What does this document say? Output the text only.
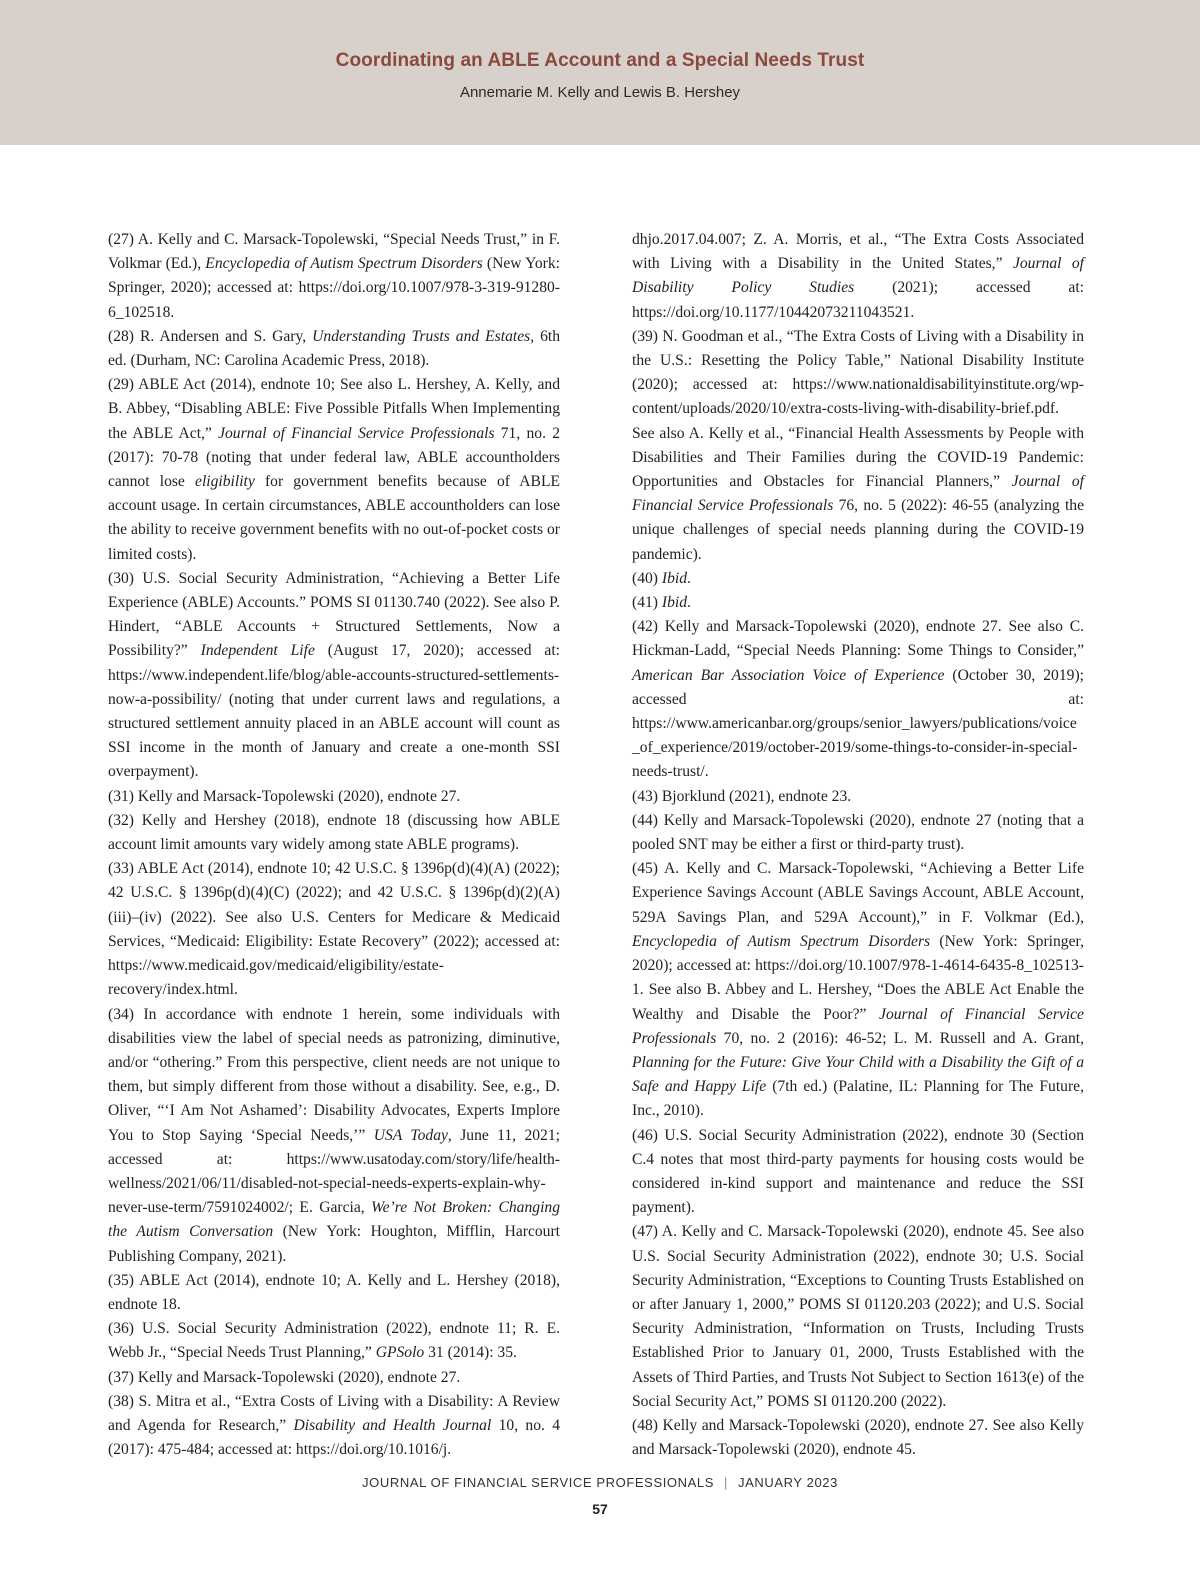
Coordinating an ABLE Account and a Special Needs Trust
Annemarie M. Kelly and Lewis B. Hershey

(27) A. Kelly and C. Marsack-Topolewski, “Special Needs Trust,” in F. Volkmar (Ed.), Encyclopedia of Autism Spectrum Disorders (New York: Springer, 2020); accessed at: https://doi.org/10.1007/978-3-319-91280-6_102518.

(28) R. Andersen and S. Gary, Understanding Trusts and Estates, 6th ed. (Durham, NC: Carolina Academic Press, 2018).

(29) ABLE Act (2014), endnote 10; See also L. Hershey, A. Kelly, and B. Abbey, “Disabling ABLE: Five Possible Pitfalls When Implementing the ABLE Act,” Journal of Financial Service Professionals 71, no. 2 (2017): 70-78 (noting that under federal law, ABLE accountholders cannot lose eligibility for government benefits because of ABLE account usage. In certain circumstances, ABLE accountholders can lose the ability to receive government benefits with no out-of-pocket costs or limited costs).

(30) U.S. Social Security Administration, “Achieving a Better Life Experience (ABLE) Accounts.” POMS SI 01130.740 (2022). See also P. Hindert, “ABLE Accounts + Structured Settlements, Now a Possibility?” Independent Life (August 17, 2020); accessed at: https://www.independent.life/blog/able-accounts-structured-settlements-now-a-possibility/ (noting that under current laws and regulations, a structured settlement annuity placed in an ABLE account will count as SSI income in the month of January and create a one-month SSI overpayment).

(31) Kelly and Marsack-Topolewski (2020), endnote 27.

(32) Kelly and Hershey (2018), endnote 18 (discussing how ABLE account limit amounts vary widely among state ABLE programs).

(33) ABLE Act (2014), endnote 10; 42 U.S.C. § 1396p(d)(4)(A) (2022); 42 U.S.C. § 1396p(d)(4)(C) (2022); and 42 U.S.C. § 1396p(d)(2)(A)(iii)–(iv) (2022). See also U.S. Centers for Medicare & Medicaid Services, “Medicaid: Eligibility: Estate Recovery” (2022); accessed at: https://www.medicaid.gov/medicaid/eligibility/estate-recovery/index.html.

(34) In accordance with endnote 1 herein, some individuals with disabilities view the label of special needs as patronizing, diminutive, and/or “othering.” From this perspective, client needs are not unique to them, but simply different from those without a disability. See, e.g., D. Oliver, “‘I Am Not Ashamed’: Disability Advocates, Experts Implore You to Stop Saying ‘Special Needs,’” USA Today, June 11, 2021; accessed at: https://www.usatoday.com/story/life/health-wellness/2021/06/11/disabled-not-special-needs-experts-explain-why-never-use-term/7591024002/; E. Garcia, We’re Not Broken: Changing the Autism Conversation (New York: Houghton, Mifflin, Harcourt Publishing Company, 2021).

(35) ABLE Act (2014), endnote 10; A. Kelly and L. Hershey (2018), endnote 18.

(36) U.S. Social Security Administration (2022), endnote 11; R. E. Webb Jr., “Special Needs Trust Planning,” GPSolo 31 (2014): 35.

(37) Kelly and Marsack-Topolewski (2020), endnote 27.

(38) S. Mitra et al., “Extra Costs of Living with a Disability: A Review and Agenda for Research,” Disability and Health Journal 10, no. 4 (2017): 475-484; accessed at: https://doi.org/10.1016/j.

dhjo.2017.04.007; Z. A. Morris, et al., “The Extra Costs Associated with Living with a Disability in the United States,” Journal of Disability Policy Studies (2021); accessed at: https://doi.org/10.1177/10442073211043521.

(39) N. Goodman et al., “The Extra Costs of Living with a Disability in the U.S.: Resetting the Policy Table,” National Disability Institute (2020); accessed at: https://www.nationaldisabilityinstitute.org/wp-content/uploads/2020/10/extra-costs-living-with-disability-brief.pdf. See also A. Kelly et al., “Financial Health Assessments by People with Disabilities and Their Families during the COVID-19 Pandemic: Opportunities and Obstacles for Financial Planners,” Journal of Financial Service Professionals 76, no. 5 (2022): 46-55 (analyzing the unique challenges of special needs planning during the COVID-19 pandemic).

(40) Ibid.

(41) Ibid.

(42) Kelly and Marsack-Topolewski (2020), endnote 27. See also C. Hickman-Ladd, “Special Needs Planning: Some Things to Consider,” American Bar Association Voice of Experience (October 30, 2019); accessed at: https://www.americanbar.org/groups/senior_lawyers/publications/voice_of_experience/2019/october-2019/some-things-to-consider-in-special-needs-trust/.

(43) Bjorklund (2021), endnote 23.

(44) Kelly and Marsack-Topolewski (2020), endnote 27 (noting that a pooled SNT may be either a first or third-party trust).

(45) A. Kelly and C. Marsack-Topolewski, “Achieving a Better Life Experience Savings Account (ABLE Savings Account, ABLE Account, 529A Savings Plan, and 529A Account),” in F. Volkmar (Ed.), Encyclopedia of Autism Spectrum Disorders (New York: Springer, 2020); accessed at: https://doi.org/10.1007/978-1-4614-6435-8_102513-1. See also B. Abbey and L. Hershey, “Does the ABLE Act Enable the Wealthy and Disable the Poor?” Journal of Financial Service Professionals 70, no. 2 (2016): 46-52; L. M. Russell and A. Grant, Planning for the Future: Give Your Child with a Disability the Gift of a Safe and Happy Life (7th ed.) (Palatine, IL: Planning for The Future, Inc., 2010).

(46) U.S. Social Security Administration (2022), endnote 30 (Section C.4 notes that most third-party payments for housing costs would be considered in-kind support and maintenance and reduce the SSI payment).

(47) A. Kelly and C. Marsack-Topolewski (2020), endnote 45. See also U.S. Social Security Administration (2022), endnote 30; U.S. Social Security Administration, “Exceptions to Counting Trusts Established on or after January 1, 2000,” POMS SI 01120.203 (2022); and U.S. Social Security Administration, “Information on Trusts, Including Trusts Established Prior to January 01, 2000, Trusts Established with the Assets of Third Parties, and Trusts Not Subject to Section 1613(e) of the Social Security Act,” POMS SI 01120.200 (2022).

(48) Kelly and Marsack-Topolewski (2020), endnote 27. See also Kelly and Marsack-Topolewski (2020), endnote 45.

JOURNAL OF FINANCIAL SERVICE PROFESSIONALS | JANUARY 2023
57
